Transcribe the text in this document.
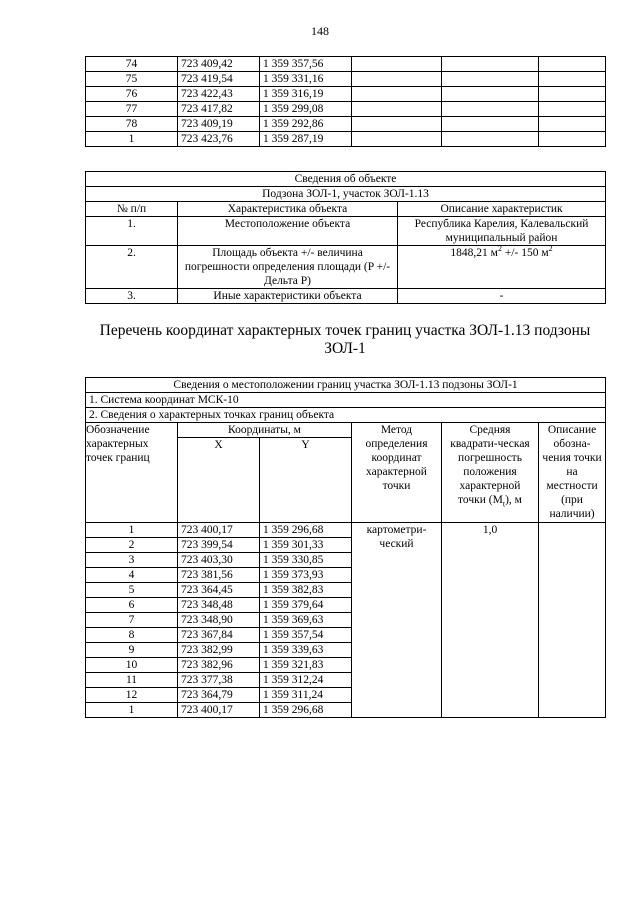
148
74	723 409,42	1 359 357,56			
75	723 419,54	1 359 331,16			
76	723 422,43	1 359 316,19			
77	723 417,82	1 359 299,08			
78	723 409,19	1 359 292,86			
1	723 423,76	1 359 287,19			
Сведения об объекте		
Подзона ЗОЛ-1, участок ЗОЛ-1.13		
№ п/п	Характеристика объекта	Описание характеристик
1.	Местоположение объекта	Республика Карелия, Калевальский муниципальный район
2.	Площадь объекта +/- величина погрешности определения площади (P +/- Дельта P)	1848,21 $м^2$ +/- 150 $м^2$
3.	Иные характеристики объекта	-
Перечень координат характерных точек границ участка ЗОЛ-1.13 подзоны ЗОЛ-1
Сведения о местоположении границ участка ЗОЛ-1.13 подзоны ЗОЛ-1					
1. Система координат МСК-10					
2. Сведения о характерных точках границ объекта					
Обозначение характерных точек границ	Координаты, м		Метод определения координат характерной точки	Средняя квадрати-ческая погрешность положения характерной точки $(M_t)$, м	Описание обозна-чения точки на местности (при наличии)
	X	Y			
1	723 400,17	1 359 296,68	картометри-ческий	1,0	
2	723 399,54	1 359 301,33			
3	723 403,30	1 359 330,85			
4	723 381,56	1 359 373,93			
5	723 364,45	1 359 382,83			
6	723 348,48	1 359 379,64			
7	723 348,90	1 359 369,63			
8	723 367,84	1 359 357,54			
9	723 382,99	1 359 339,63			
10	723 382,96	1 359 321,83			
11	723 377,38	1 359 312,24			
12	723 364,79	1 359 311,24			
1	723 400,17	1 359 296,68			
